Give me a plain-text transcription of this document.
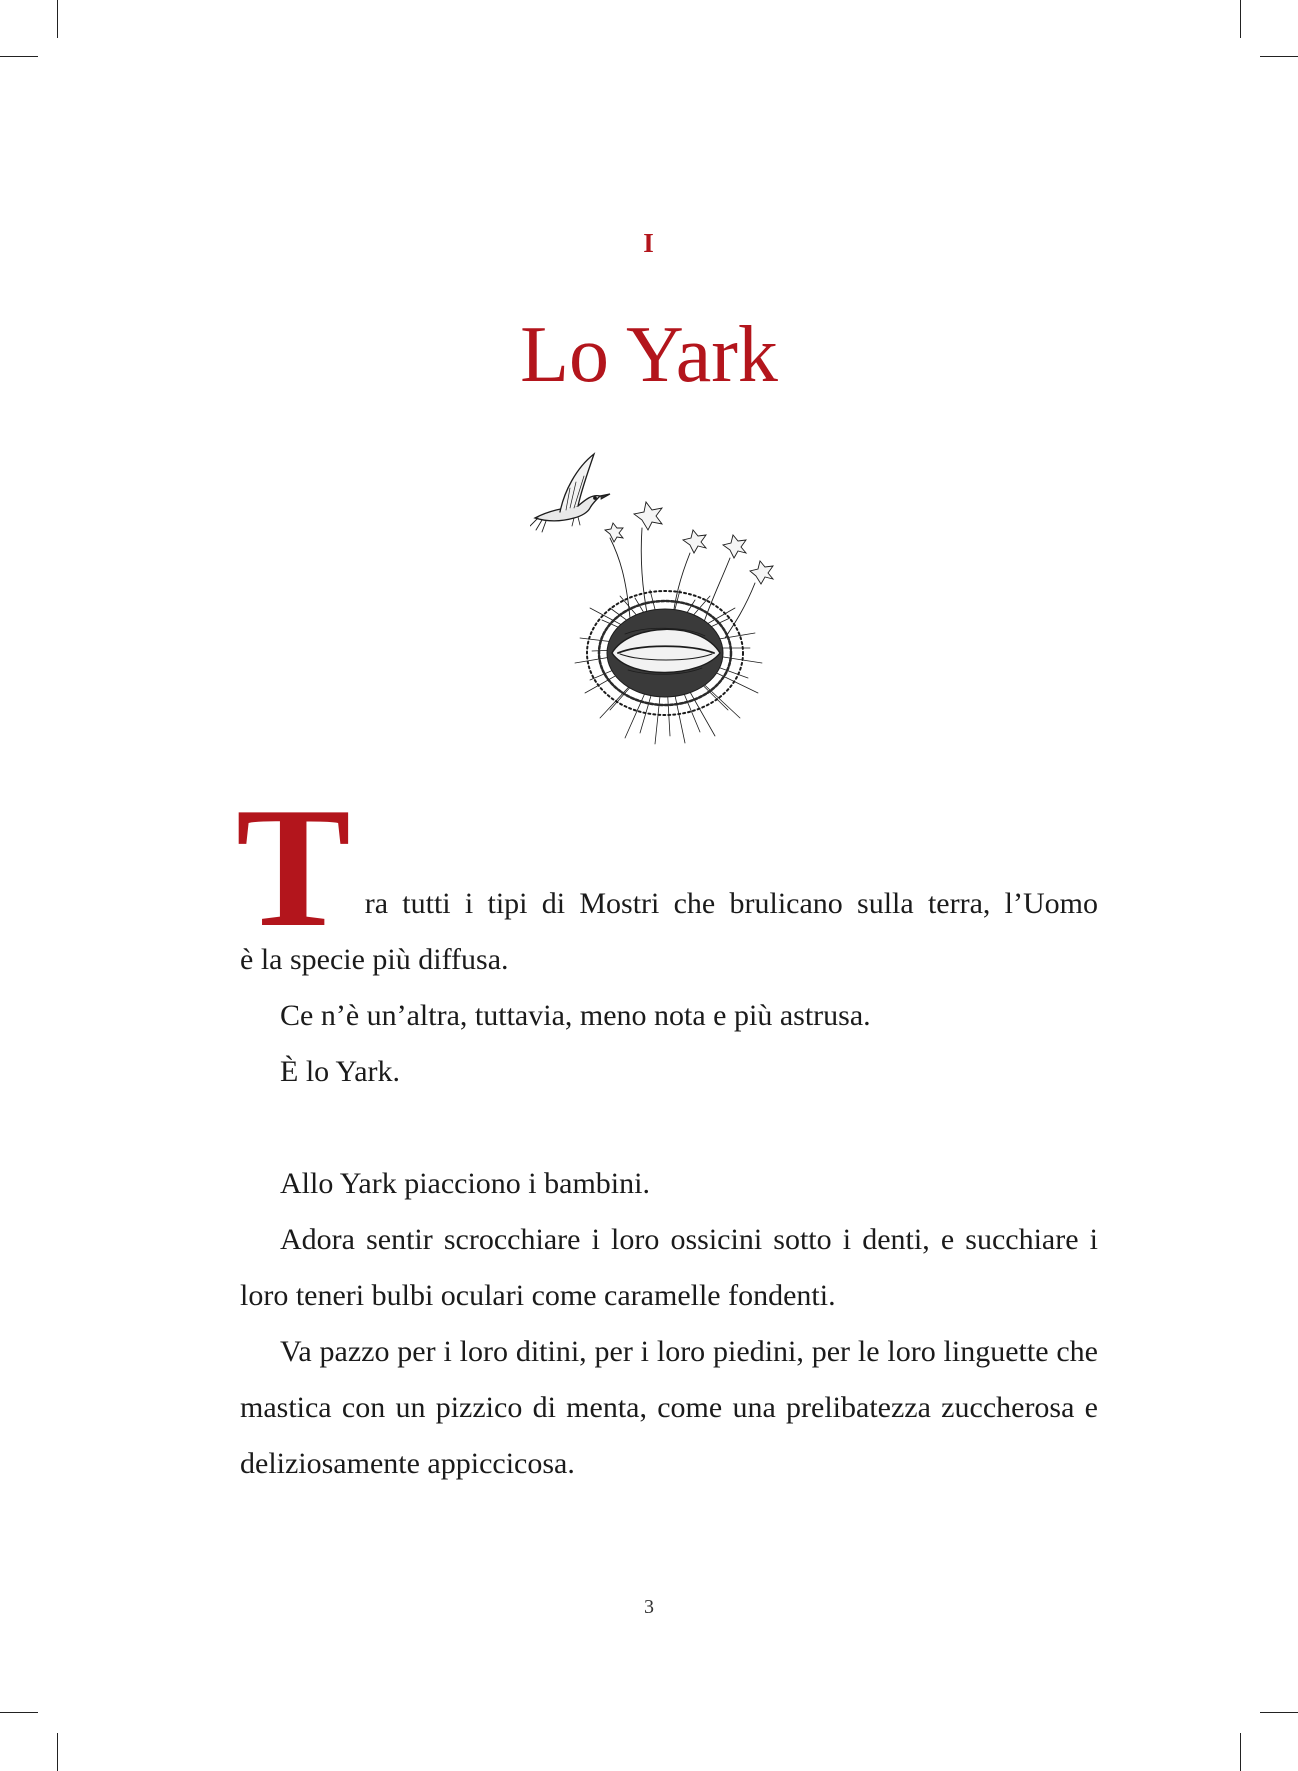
I
Lo Yark
T ra tutti i tipi di Mostri che brulicano sulla terra, l’Uomo

è la specie più diffusa.

Ce n’è un’altra, tuttavia, meno nota e più astrusa.

È lo Yark.

Allo Yark piacciono i bambini.

Adora sentir scrocchiare i loro ossicini sotto i denti, e succhiare i loro teneri bulbi oculari come caramelle fondenti.

Va pazzo per i loro ditini, per i loro piedini, per le loro linguette che mastica con un pizzico di menta, come una prelibatezza zuccherosa e deliziosamente appiccicosa.

3
